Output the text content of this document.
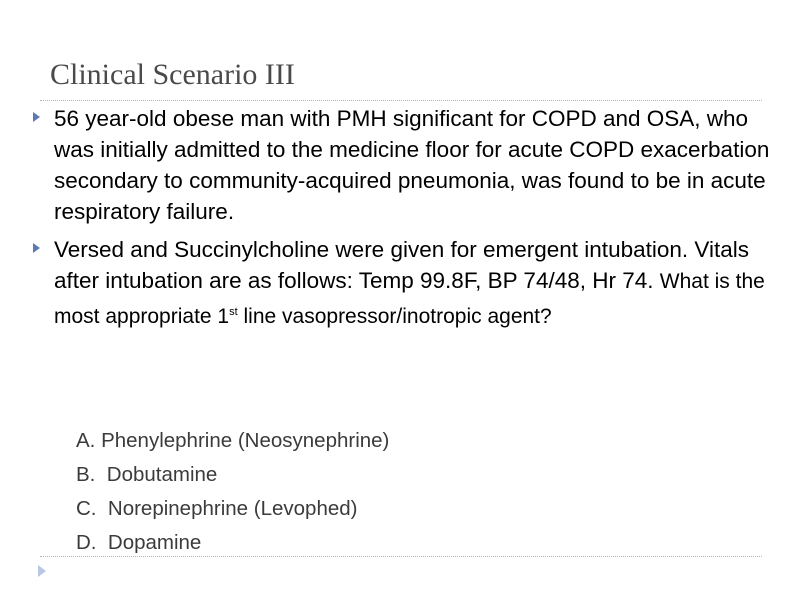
Clinical Scenario III
56 year-old obese man with PMH significant for COPD and OSA, who was initially admitted to the medicine floor for acute COPD exacerbation secondary to community-acquired pneumonia, was found to be in acute respiratory failure.
Versed and Succinylcholine were given for emergent intubation. Vitals after intubation are as follows: Temp 99.8F, BP 74/48, Hr 74. What is the most appropriate 1st line vasopressor/inotropic agent?
A. Phenylephrine (Neosynephrine)
B.  Dobutamine
C.  Norepinephrine (Levophed)
D.  Dopamine
